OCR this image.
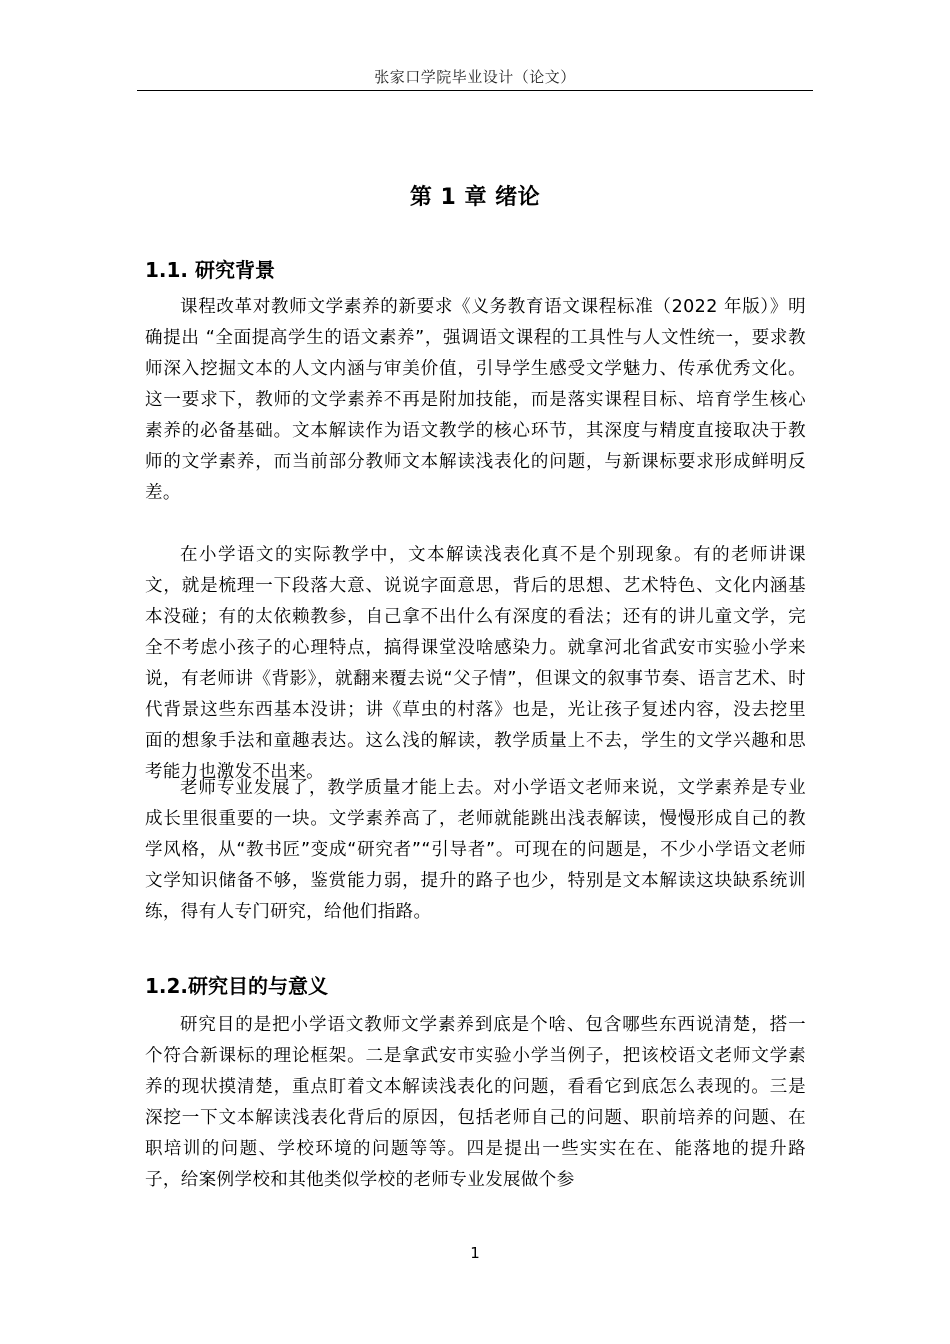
张家口学院毕业设计（论文）
第 1 章 绪论
1.1. 研究背景

课程改革对教师文学素养的新要求《义务教育语文课程标准（2022 年版）》明确提出 “全面提高学生的语文素养”，强调语文课程的工具性与人文性统一，要求教师深入挖掘文本的人文内涵与审美价值，引导学生感受文学魅力、传承优秀文化。这一要求下，教师的文学素养不再是附加技能，而是落实课程目标、培育学生核心素养的必备基础。文本解读作为语文教学的核心环节，其深度与精度直接取决于教师的文学素养，而当前部分教师文本解读浅表化的问题，与新课标要求形成鲜明反差。

在小学语文的实际教学中，文本解读浅表化真不是个别现象。有的老师讲课文，就是梳理一下段落大意、说说字面意思，背后的思想、艺术特色、文化内涵基本没碰；有的太依赖教参，自己拿不出什么有深度的看法；还有的讲儿童文学，完全不考虑小孩子的心理特点，搞得课堂没啥感染力。就拿河北省武安市实验小学来说，有老师讲《背影》，就翻来覆去说“父子情”，但课文的叙事节奏、语言艺术、时代背景这些东西基本没讲；讲《草虫的村落》也是，光让孩子复述内容，没去挖里面的想象手法和童趣表达。这么浅的解读，教学质量上不去，学生的文学兴趣和思考能力也激发不出来。

老师专业发展了，教学质量才能上去。对小学语文老师来说，文学素养是专业成长里很重要的一块。文学素养高了，老师就能跳出浅表解读，慢慢形成自己的教学风格，从“教书匠”变成“研究者”“引导者”。可现在的问题是，不少小学语文老师文学知识储备不够，鉴赏能力弱，提升的路子也少，特别是文本解读这块缺系统训练，得有人专门研究，给他们指路。

1.2.研究目的与意义

研究目的是把小学语文教师文学素养到底是个啥、包含哪些东西说清楚，搭一个符合新课标的理论框架。二是拿武安市实验小学当例子，把该校语文老师文学素养的现状摸清楚，重点盯着文本解读浅表化的问题，看看它到底怎么表现的。三是深挖一下文本解读浅表化背后的原因，包括老师自己的问题、职前培养的问题、在职培训的问题、学校环境的问题等等。四是提出一些实实在在、能落地的提升路子，给案例学校和其他类似学校的老师专业发展做个参

1
